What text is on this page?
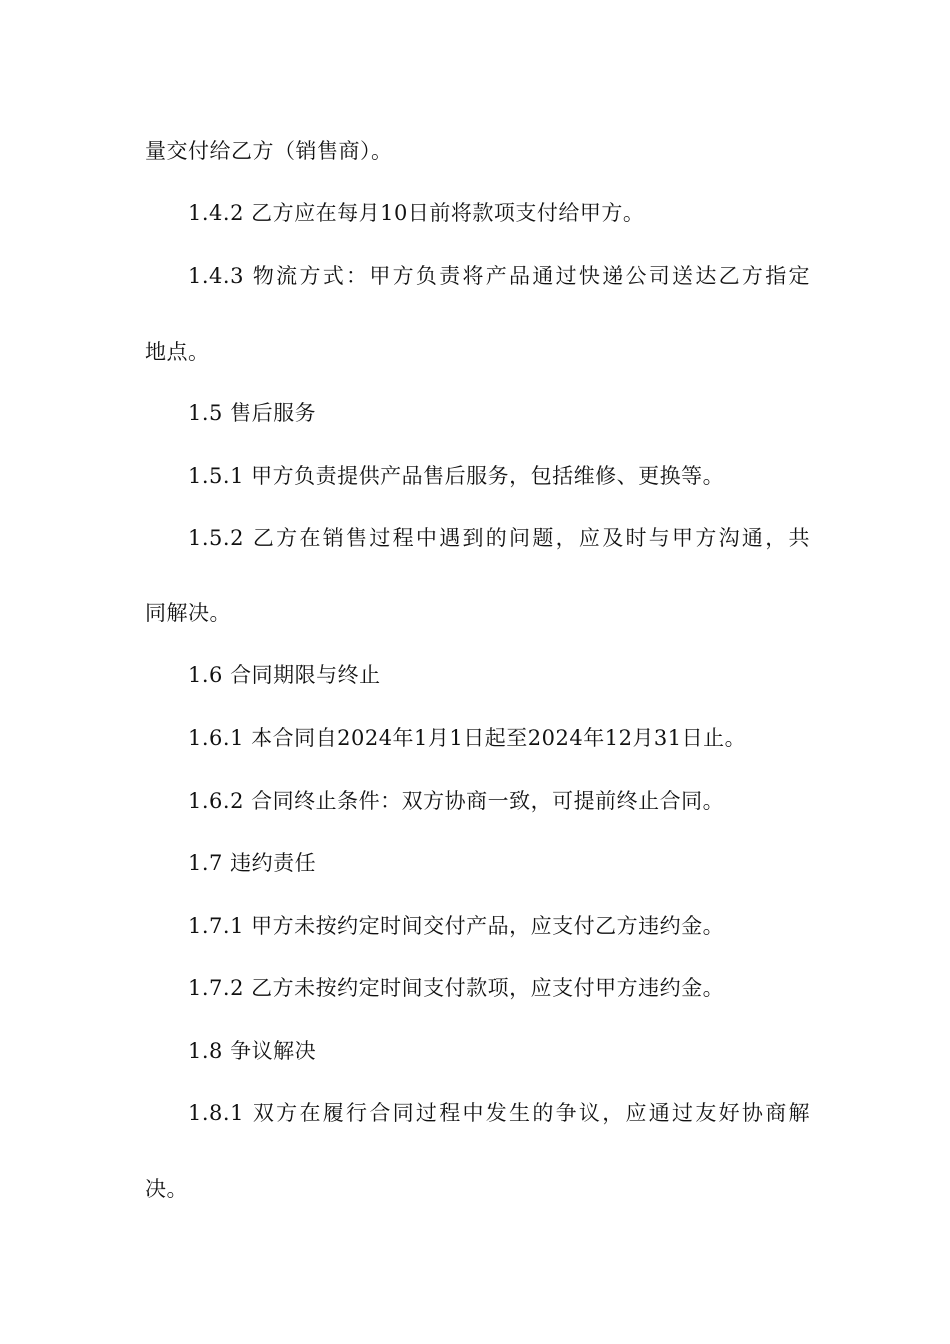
量交付给乙方（销售商）。
1.4.2 乙方应在每月10日前将款项支付给甲方。
1.4.3 物流方式：甲方负责将产品通过快递公司送达乙方指定
地点。
1.5 售后服务
1.5.1 甲方负责提供产品售后服务，包括维修、更换等。
1.5.2 乙方在销售过程中遇到的问题，应及时与甲方沟通，共
同解决。
1.6 合同期限与终止
1.6.1 本合同自2024年1月1日起至2024年12月31日止。
1.6.2 合同终止条件：双方协商一致，可提前终止合同。
1.7 违约责任
1.7.1 甲方未按约定时间交付产品，应支付乙方违约金。
1.7.2 乙方未按约定时间支付款项，应支付甲方违约金。
1.8 争议解决
1.8.1 双方在履行合同过程中发生的争议，应通过友好协商解
决。
